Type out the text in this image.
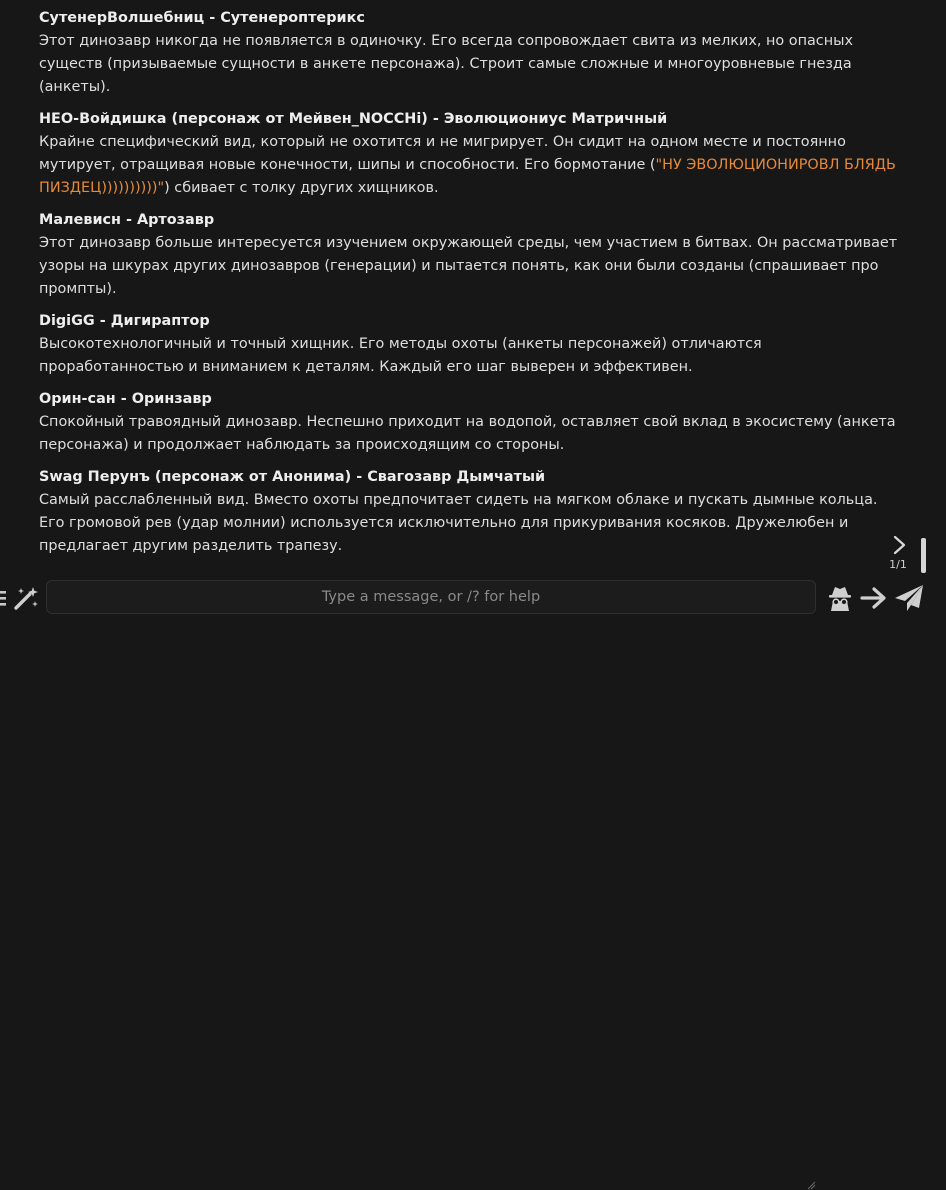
СутенерВолшебниц - Сутенероптерикс
Этот динозавр никогда не появляется в одиночку. Его всегда сопровождает свита из мелких, но опасных существ (призываемые сущности в анкете персонажа). Строит самые сложные и многоуровневые гнезда (анкеты).
НЕО-Войдишка (персонаж от Мейвен_NOCCHi) - Эволюциониус Матричный
Крайне специфический вид, который не охотится и не мигрирует. Он сидит на одном месте и постоянно мутирует, отращивая новые конечности, шипы и способности. Его бормотание ("НУ ЭВОЛЮЦИОНИРОВЛ БЛЯДЬ ПИЗДЕЦ))))))))))") сбивает с толку других хищников.
Малевисн - Артозавр
Этот динозавр больше интересуется изучением окружающей среды, чем участием в битвах. Он рассматривает узоры на шкурах других динозавров (генерации) и пытается понять, как они были созданы (спрашивает про промпты).
DigiGG - Дигираптор
Высокотехнологичный и точный хищник. Его методы охоты (анкеты персонажей) отличаются проработанностью и вниманием к деталям. Каждый его шаг выверен и эффективен.
Орин-сан - Оринзавр
Спокойный травоядный динозавр. Неспешно приходит на водопой, оставляет свой вклад в экосистему (анкета персонажа) и продолжает наблюдать за происходящим со стороны.
Swag Перунъ (персонаж от Анонима) - Свагозавр Дымчатый
Самый расслабленный вид. Вместо охоты предпочитает сидеть на мягком облаке и пускать дымные кольца. Его громовой рев (удар молнии) используется исключительно для прикуривания косяков. Дружелюбен и предлагает другим разделить трапезу.
1/1
Type a message, or /? for help
